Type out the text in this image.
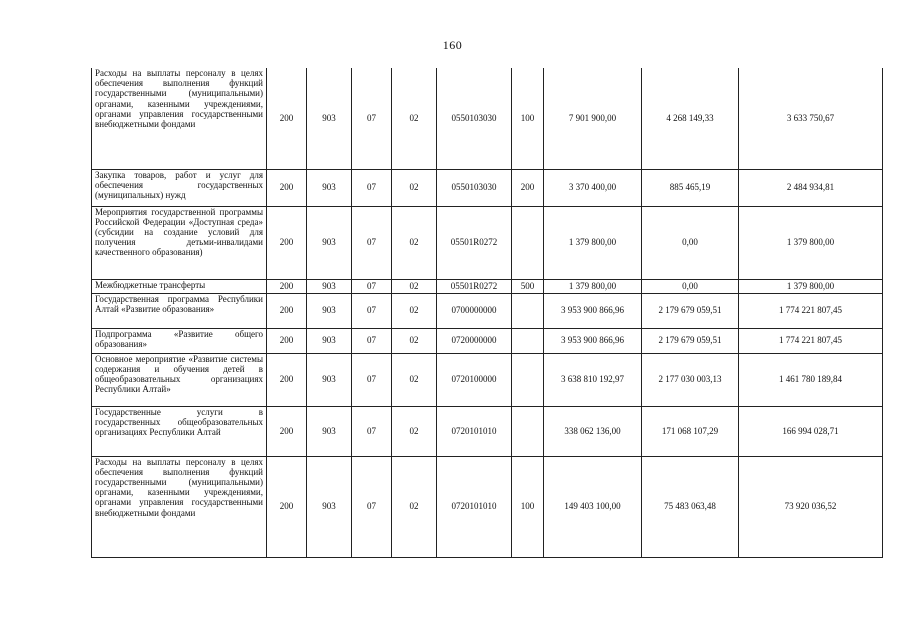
160
Расходы на выплаты персоналу в целях обеспечения выполнения функций государственными (муниципальными) органами, казенными учреждениями, органами управления государственными внебюджетными фондами	200	903	07	02	0550103030	100	7 901 900,00	4 268 149,33	3 633 750,67
Закупка товаров, работ и услуг для обеспечения государственных (муниципальных) нужд	200	903	07	02	0550103030	200	3 370 400,00	885 465,19	2 484 934,81
Мероприятия государственной программы Российской Федерации «Доступная среда» (субсидии на создание условий для получения детьми-инвалидами качественного образования)	200	903	07	02	05501R0272		1 379 800,00	0,00	1 379 800,00
Межбюджетные трансферты	200	903	07	02	05501R0272	500	1 379 800,00	0,00	1 379 800,00
Государственная программа Республики Алтай «Развитие образования»	200	903	07	02	0700000000		3 953 900 866,96	2 179 679 059,51	1 774 221 807,45
Подпрограмма «Развитие общего образования»	200	903	07	02	0720000000		3 953 900 866,96	2 179 679 059,51	1 774 221 807,45
Основное мероприятие «Развитие системы содержания и обучения детей в общеобразовательных организациях Республики Алтай»	200	903	07	02	0720100000		3 638 810 192,97	2 177 030 003,13	1 461 780 189,84
Государственные услуги в государственных общеобразовательных организациях Республики Алтай	200	903	07	02	0720101010		338 062 136,00	171 068 107,29	166 994 028,71
Расходы на выплаты персоналу в целях обеспечения выполнения функций государственными (муниципальными) органами, казенными учреждениями, органами управления государственными внебюджетными фондами	200	903	07	02	0720101010	100	149 403 100,00	75 483 063,48	73 920 036,52
